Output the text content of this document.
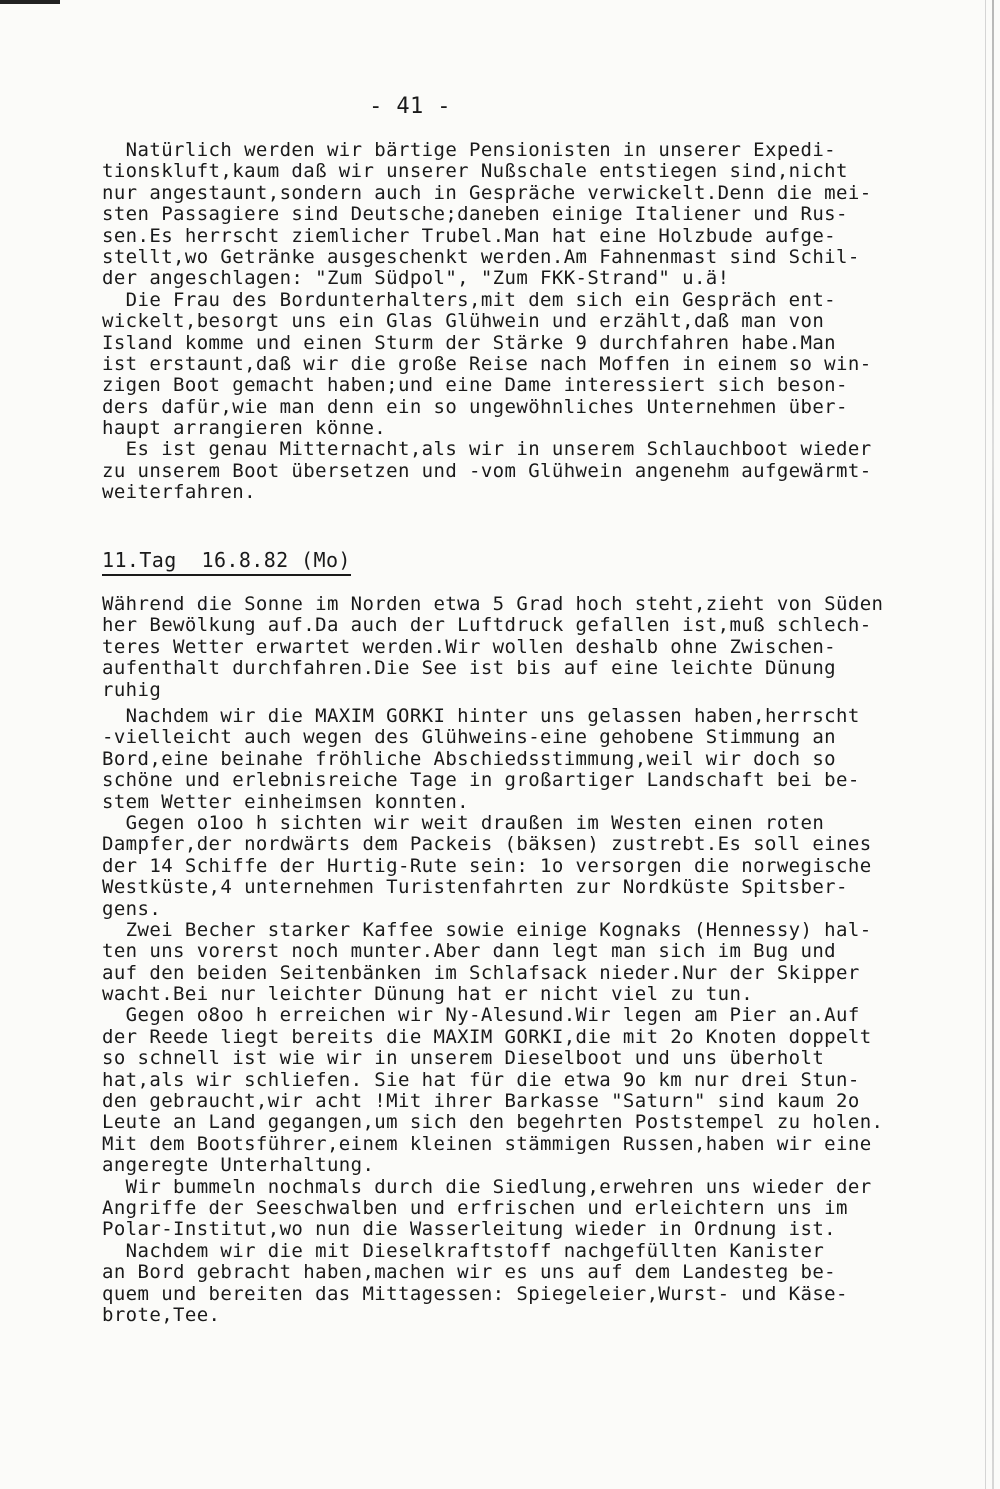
- 41 -
Natürlich werden wir bärtige Pensionisten in unserer Expedi-
tionskluft,kaum daß wir unserer Nußschale entstiegen sind,nicht
nur angestaunt,sondern auch in Gespräche verwickelt.Denn die mei-
sten Passagiere sind Deutsche;daneben einige Italiener und Rus-
sen.Es herrscht ziemlicher Trubel.Man hat eine Holzbude aufge-
stellt,wo Getränke ausgeschenkt werden.Am Fahnenmast sind Schil-
der angeschlagen: "Zum Südpol", "Zum FKK-Strand" u.ä!
Die Frau des Bordunterhalters,mit dem sich ein Gespräch ent-
wickelt,besorgt uns ein Glas Glühwein und erzählt,daß man von
Island komme und einen Sturm der Stärke 9 durchfahren habe.Man
ist erstaunt,daß wir die große Reise nach Moffen in einem so win-
zigen Boot gemacht haben;und eine Dame interessiert sich beson-
ders dafür,wie man denn ein so ungewöhnliches Unternehmen über-
haupt arrangieren könne.
Es ist genau Mitternacht,als wir in unserem Schlauchboot wieder
zu unserem Boot übersetzen und -vom Glühwein angenehm aufgewärmt-
weiterfahren.
11.Tag  16.8.82 (Mo)
Während die Sonne im Norden etwa 5 Grad hoch steht,zieht von Süden
her Bewölkung auf.Da auch der Luftdruck gefallen ist,muß schlech-
teres Wetter erwartet werden.Wir wollen deshalb ohne Zwischen-
aufenthalt durchfahren.Die See ist bis auf eine leichte Dünung
ruhig
Nachdem wir die MAXIM GORKI hinter uns gelassen haben,herrscht
-vielleicht auch wegen des Glühweins-eine gehobene Stimmung an
Bord,eine beinahe fröhliche Abschiedsstimmung,weil wir doch so
schöne und erlebnisreiche Tage in großartiger Landschaft bei be-
stem Wetter einheimsen konnten.
Gegen o1oo h sichten wir weit draußen im Westen einen roten
Dampfer,der nordwärts dem Packeis (bäksen) zustrebt.Es soll eines
der 14 Schiffe der Hurtig-Rute sein: 1o versorgen die norwegische
Westküste,4 unternehmen Turistenfahrten zur Nordküste Spitsber-
gens.
Zwei Becher starker Kaffee sowie einige Kognaks (Hennessy) hal-
ten uns vorerst noch munter.Aber dann legt man sich im Bug und
auf den beiden Seitenbänken im Schlafsack nieder.Nur der Skipper
wacht.Bei nur leichter Dünung hat er nicht viel zu tun.
Gegen o8oo h erreichen wir Ny-Alesund.Wir legen am Pier an.Auf
der Reede liegt bereits die MAXIM GORKI,die mit 2o Knoten doppelt
so schnell ist wie wir in unserem Dieselboot und uns überholt
hat,als wir schliefen. Sie hat für die etwa 9o km nur drei Stun-
den gebraucht,wir acht !Mit ihrer Barkasse "Saturn" sind kaum 2o
Leute an Land gegangen,um sich den begehrten Poststempel zu holen.
Mit dem Bootsführer,einem kleinen stämmigen Russen,haben wir eine
angeregte Unterhaltung.
Wir bummeln nochmals durch die Siedlung,erwehren uns wieder der
Angriffe der Seeschwalben und erfrischen und erleichtern uns im
Polar-Institut,wo nun die Wasserleitung wieder in Ordnung ist.
Nachdem wir die mit Dieselkraftstoff nachgefüllten Kanister
an Bord gebracht haben,machen wir es uns auf dem Landesteg be-
quem und bereiten das Mittagessen: Spiegeleier,Wurst- und Käse-
brote,Tee.
